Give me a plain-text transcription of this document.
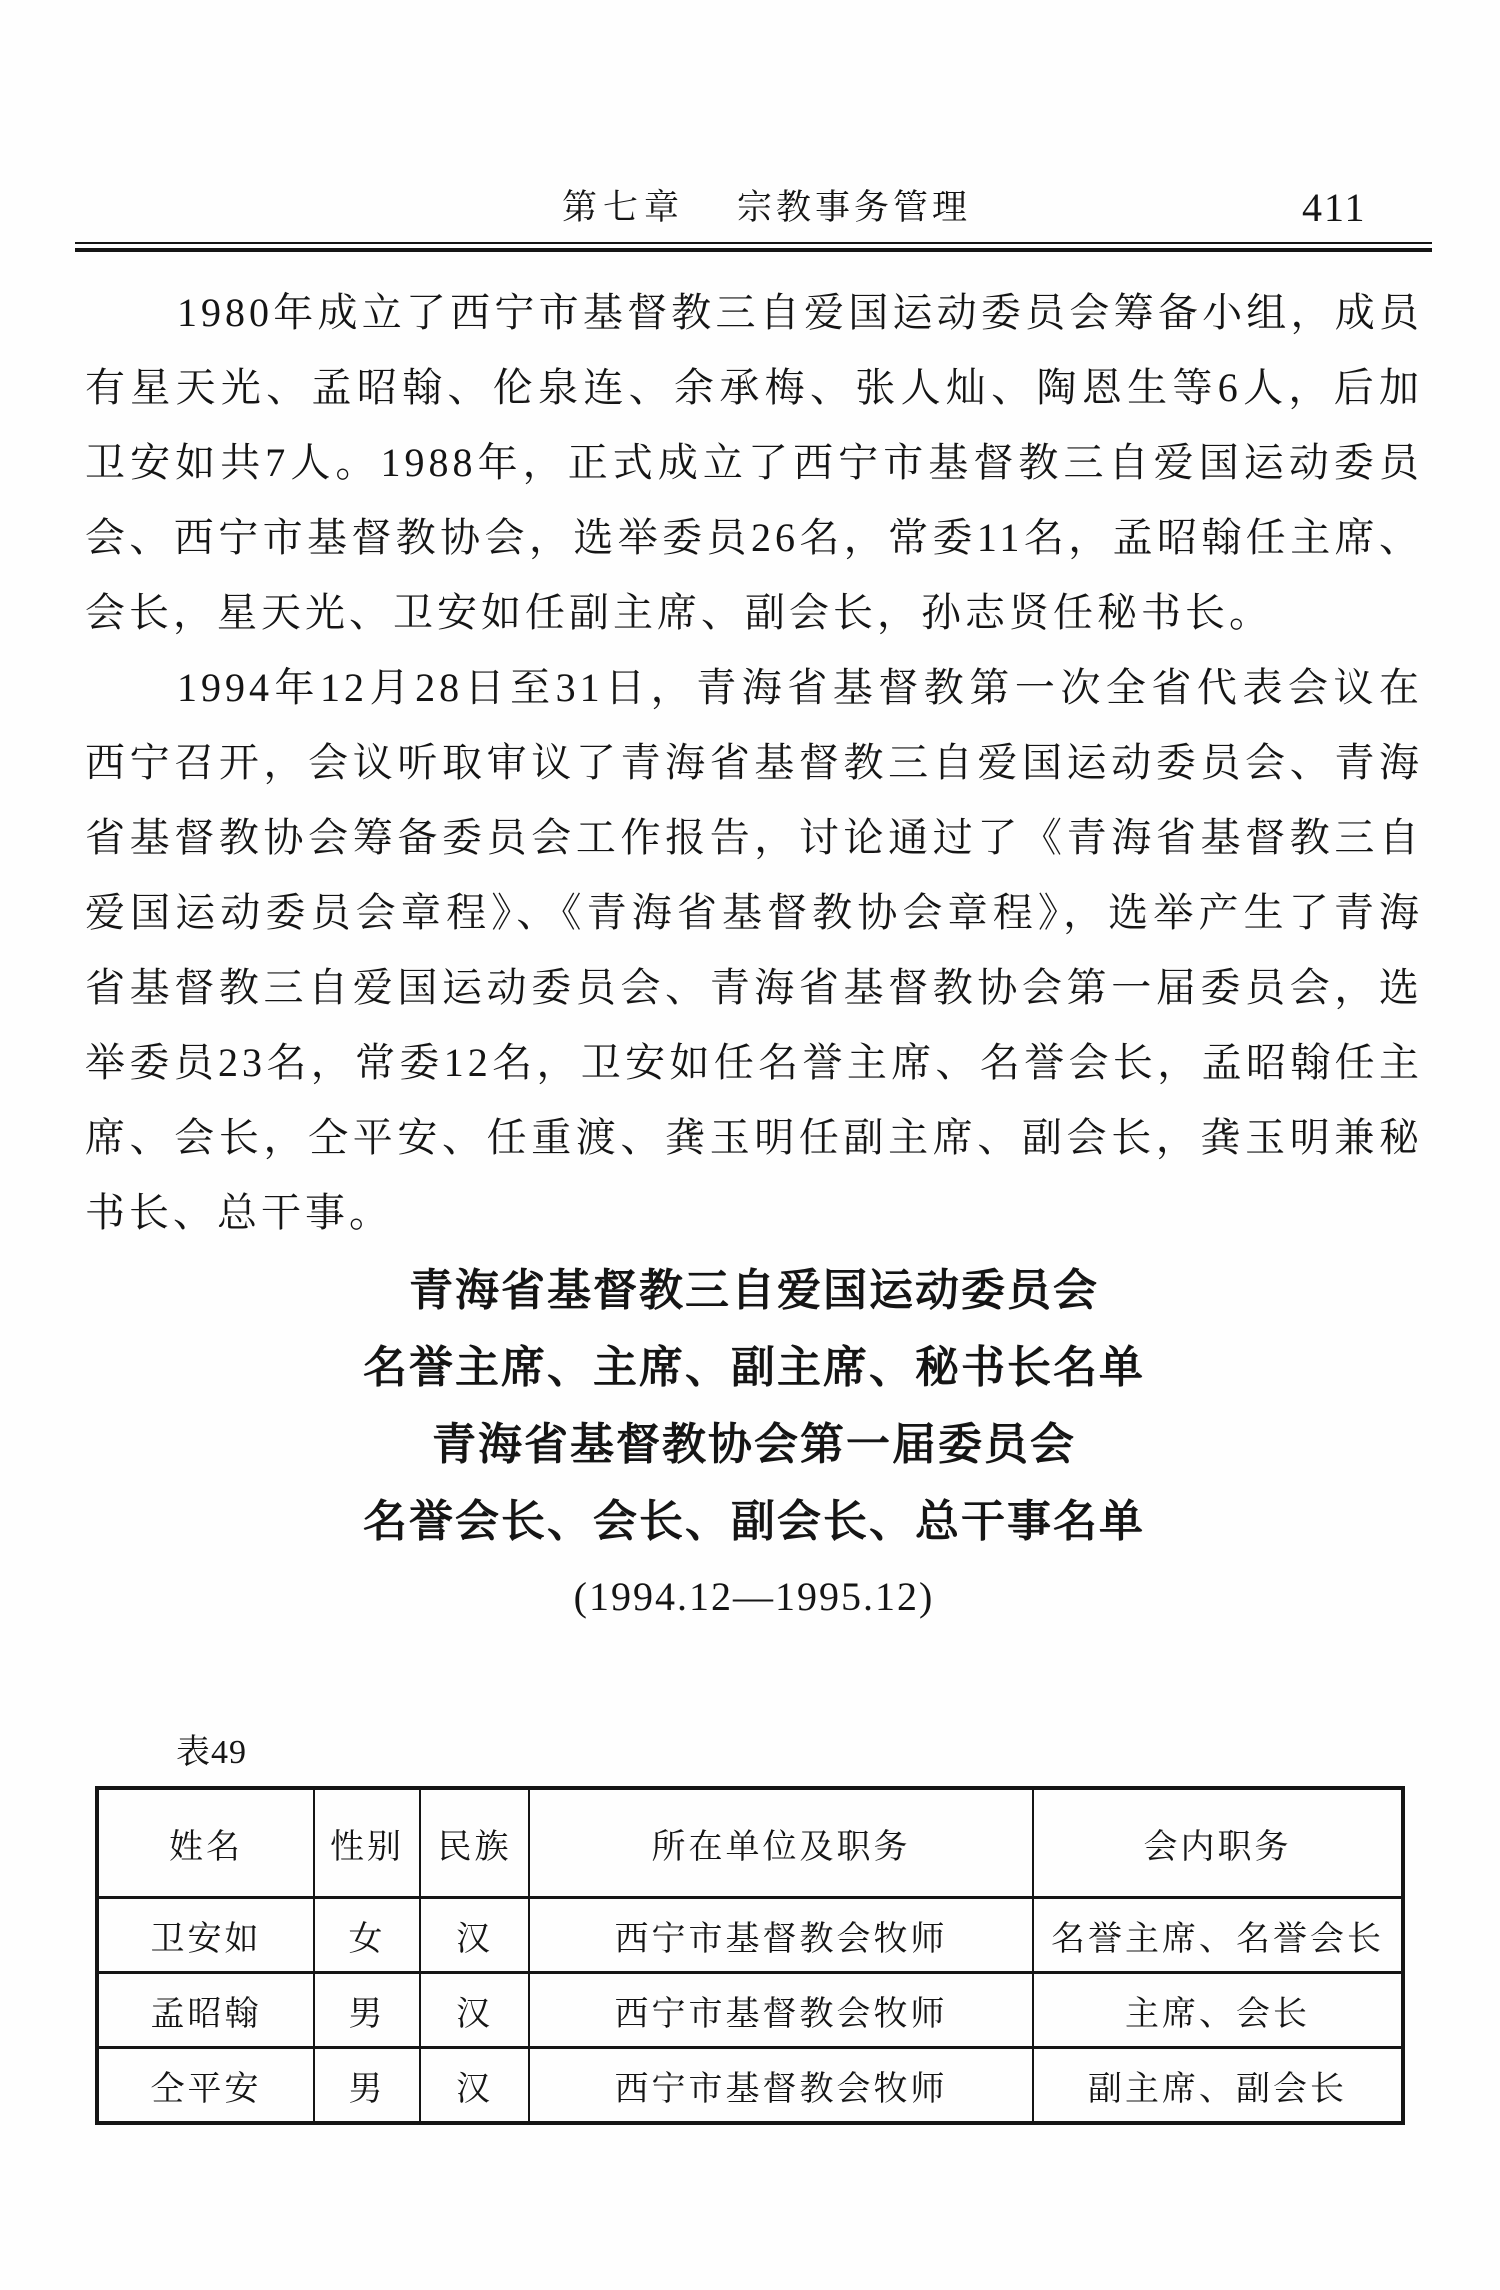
第七章 宗教事务管理	411

1980年成立了西宁市基督教三自爱国运动委员会筹备小组，成员有星天光、孟昭翰、伦泉连、余承梅、张人灿、陶恩生等6人，后加卫安如共7人。1988年，正式成立了西宁市基督教三自爱国运动委员会、西宁市基督教协会，选举委员26名，常委11名，孟昭翰任主席、会长，星天光、卫安如任副主席、副会长，孙志贤任秘书长。

1994年12月28日至31日，青海省基督教第一次全省代表会议在西宁召开，会议听取审议了青海省基督教三自爱国运动委员会、青海省基督教协会筹备委员会工作报告，讨论通过了《青海省基督教三自爱国运动委员会章程》、《青海省基督教协会章程》，选举产生了青海省基督教三自爱国运动委员会、青海省基督教协会第一届委员会，选举委员23名，常委12名，卫安如任名誉主席、名誉会长，孟昭翰任主席、会长，仝平安、任重渡、龚玉明任副主席、副会长，龚玉明兼秘书长、总干事。

青海省基督教三自爱国运动委员会
名誉主席、主席、副主席、秘书长名单
青海省基督教协会第一届委员会
名誉会长、会长、副会长、总干事名单
(1994.12—1995.12)
表49
姓名	性别	民族	所在单位及职务	会内职务
卫安如	女	汉	西宁市基督教会牧师	名誉主席、名誉会长
孟昭翰	男	汉	西宁市基督教会牧师	主席、会长
仝平安	男	汉	西宁市基督教会牧师	副主席、副会长
